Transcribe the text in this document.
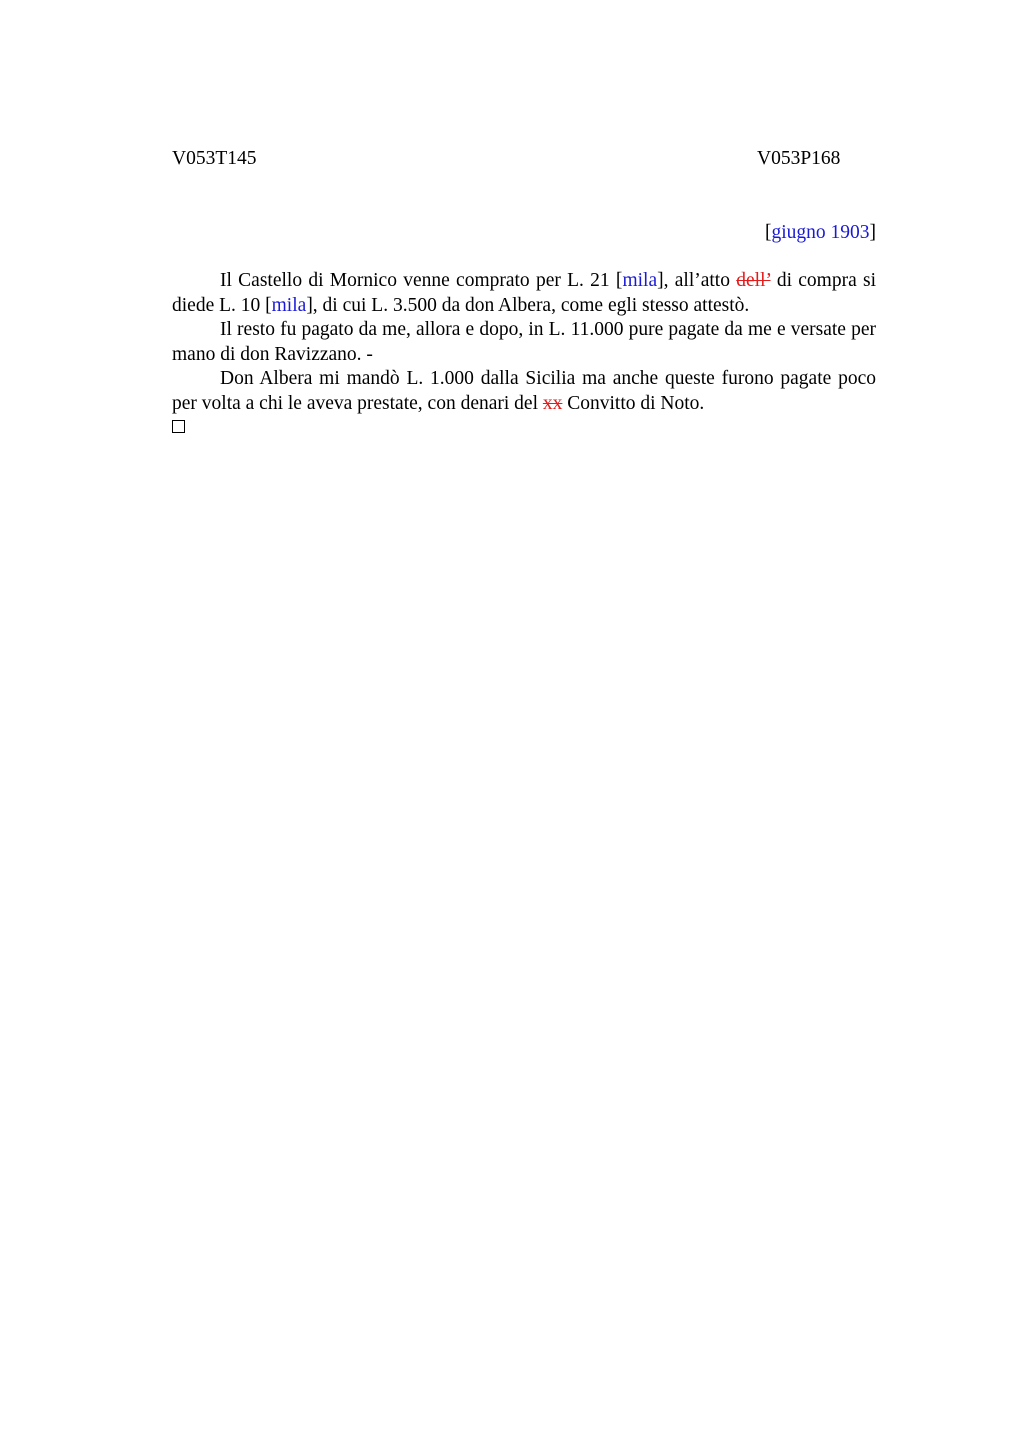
V053T145	V053P168
[giugno 1903]

Il Castello di Mornico venne comprato per L. 21 [mila], all’atto dell’ di compra si diede L. 10 [mila], di cui L. 3.500 da don Albera, come egli stesso attestò.

Il resto fu pagato da me, allora e dopo, in L. 11.000 pure pagate da me e versate per mano di don Ravizzano. -

Don Albera mi mandò L. 1.000 dalla Sicilia ma anche queste furono pagate poco per volta a chi le aveva prestate, con denari del xx Convitto di Noto.
